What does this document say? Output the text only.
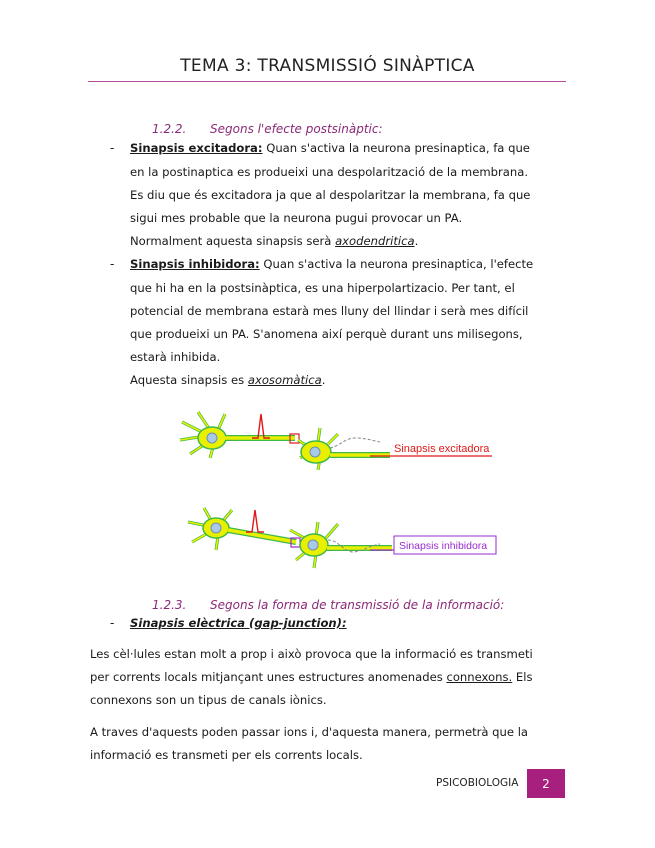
TEMA 3: TRANSMISSIÓ SINÀPTICA
1.2.2. Segons l'efecte postsinàptic:
- Sinapsis excitadora: Quan s'activa la neurona presinaptica, fa que
en la postinaptica es produeixi una despolarització de la membrana.
Es diu que és excitadora ja que al despolaritzar la membrana, fa que
sigui mes probable que la neurona pugui provocar un PA.
Normalment aquesta sinapsis serà axodendritica.
- Sinapsis inhibidora: Quan s'activa la neurona presinaptica, l'efecte
que hi ha en la postsinàptica, es una hiperpolartizacio. Per tant, el
potencial de membrana estarà mes lluny del llindar i serà mes difícil
que produeixi un PA. S'anomena així perquè durant uns milisegons,
estarà inhibida.
Aquesta sinapsis es axosomàtica.
Sinapsis excitadora
Sinapsis inhibidora
1.2.3. Segons la forma de transmissió de la informació:
- Sinapsis elèctrica (gap-junction):
Les cèl·lules estan molt a prop i això provoca que la informació es transmeti
per corrents locals mitjançant unes estructures anomenades connexons. Els
connexons son un tipus de canals iònics.
A traves d'aquests poden passar ions i, d'aquesta manera, permetrà que la
informació es transmeti per els corrents locals.
PSICOBIOLOGIA 2
